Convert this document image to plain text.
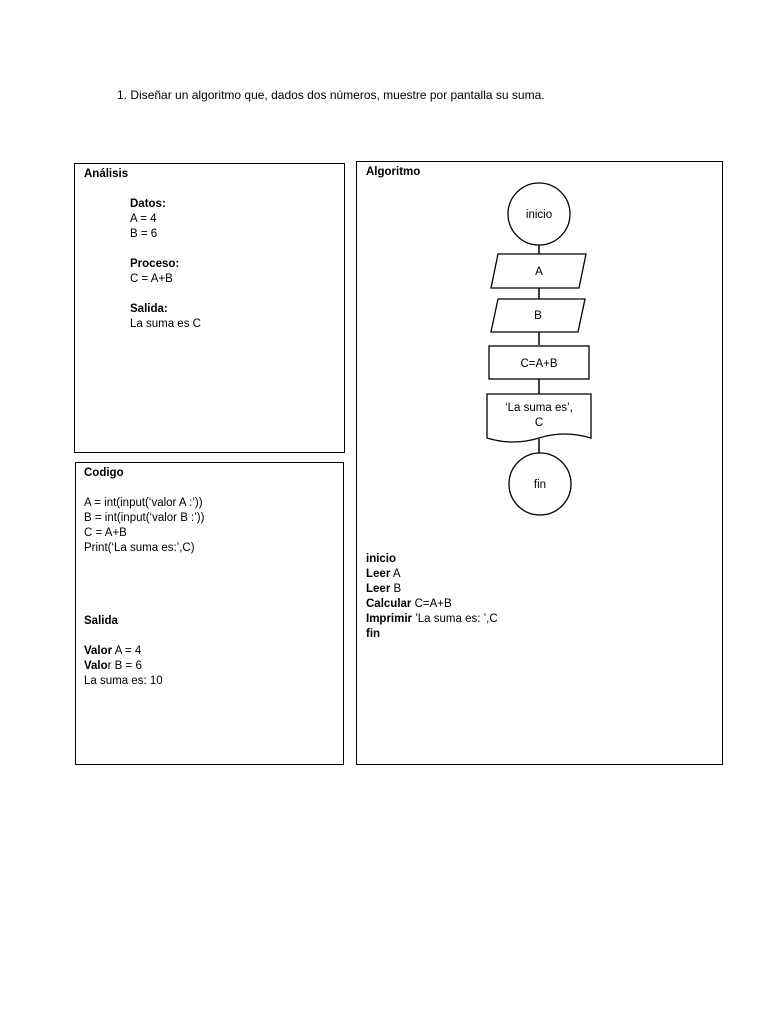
1. Diseñar un algoritmo que, dados dos números, muestre por pantalla su suma.
Análisis
Datos:
A = 4
B = 6

Proceso:
C = A+B

Salida:
La suma es C
Codigo
A = int(input(‘valor A :’))
B = int(input(‘valor B :’))
C = A+B
Print(‘La suma es:’,C)
Salida
Valor A = 4
Valor B = 6
La suma es: 10
Algoritmo
inicio
A
B
C=A+B
‘La suma es’,
C
fin
inicio
Leer A
Leer B
Calcular C=A+B
Imprimir ’La suma es: ’,C
fin
